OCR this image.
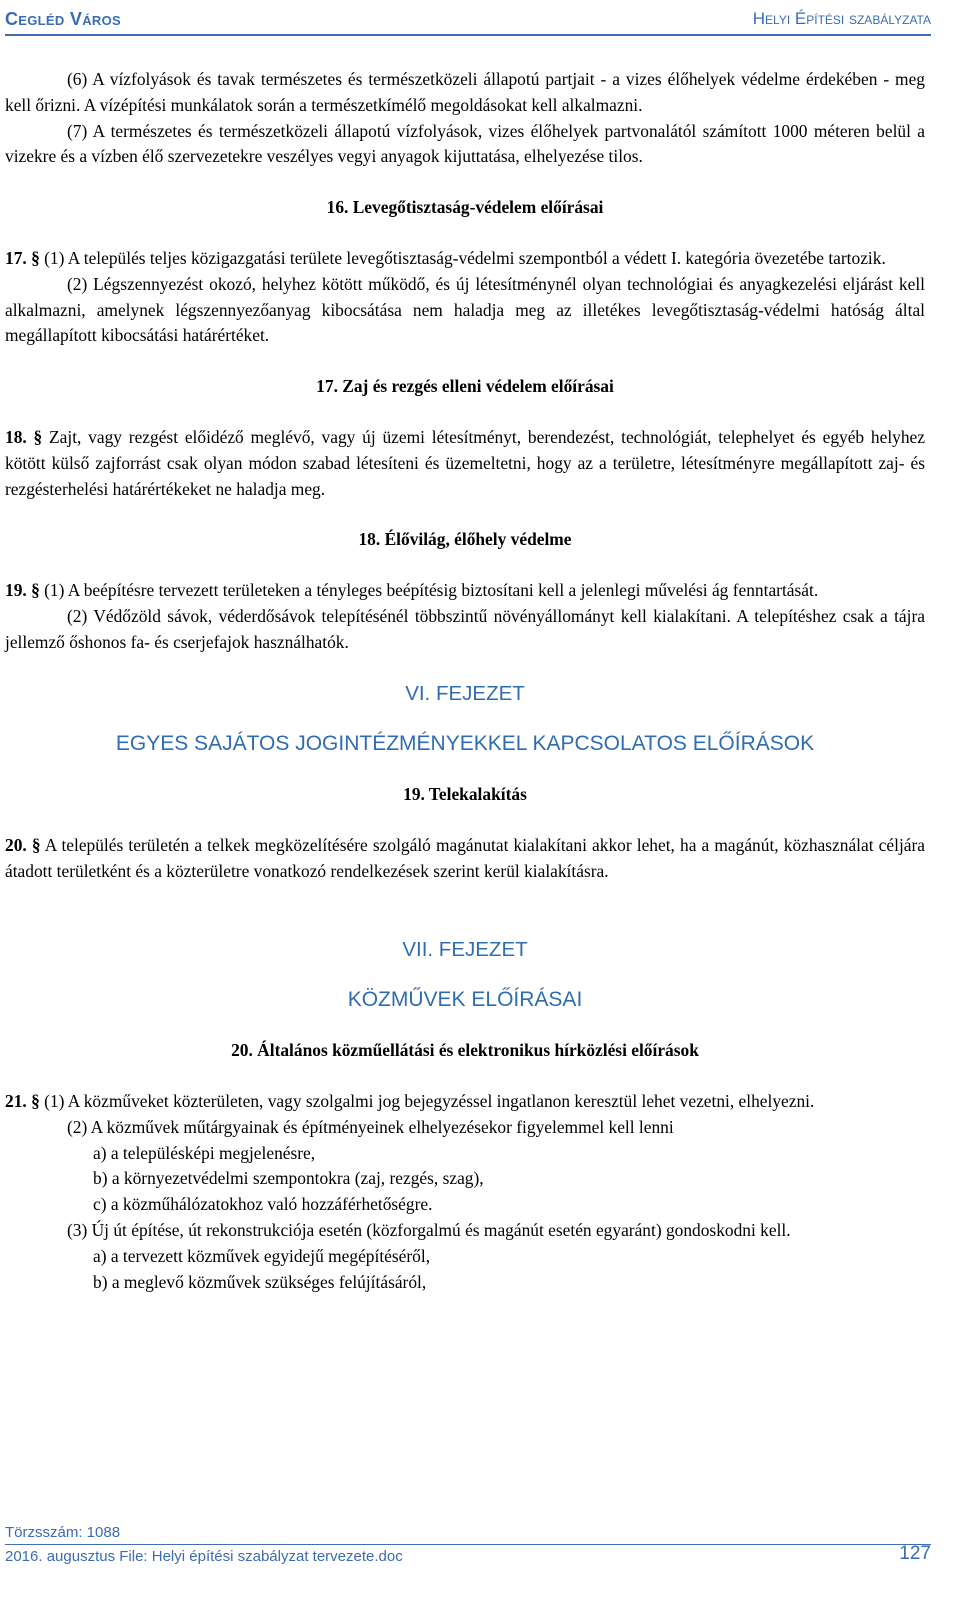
Cegléd Város	Helyi Építési szabályzata

(6) A vízfolyások és tavak természetes és természetközeli állapotú partjait - a vizes élőhelyek védelme érdekében - meg kell őrizni. A vízépítési munkálatok során a természetkímélő megoldásokat kell alkalmazni.

(7) A természetes és természetközeli állapotú vízfolyások, vizes élőhelyek partvonalától számított 1000 méteren belül a vizekre és a vízben élő szervezetekre veszélyes vegyi anyagok kijuttatása, elhelyezése tilos.

16. Levegőtisztaság-védelem előírásai

17. § (1) A település teljes közigazgatási területe levegőtisztaság-védelmi szempontból a védett I. kategória övezetébe tartozik.

(2) Légszennyezést okozó, helyhez kötött működő, és új létesítménynél olyan technológiai és anyagkezelési eljárást kell alkalmazni, amelynek légszennyezőanyag kibocsátása nem haladja meg az illetékes levegőtisztaság-védelmi hatóság által megállapított kibocsátási határértéket.

17. Zaj és rezgés elleni védelem előírásai

18. § Zajt, vagy rezgést előidéző meglévő, vagy új üzemi létesítményt, berendezést, technológiát, telephelyet és egyéb helyhez kötött külső zajforrást csak olyan módon szabad létesíteni és üzemeltetni, hogy az a területre, létesítményre megállapított zaj- és rezgésterhelési határértékeket ne haladja meg.

18. Élővilág, élőhely védelme

19. § (1) A beépítésre tervezett területeken a tényleges beépítésig biztosítani kell a jelenlegi művelési ág fenntartását.

(2) Védőzöld sávok, véderdősávok telepítésénél többszintű növényállományt kell kialakítani. A telepítéshez csak a tájra jellemző őshonos fa- és cserjefajok használhatók.

VI. FEJEZET

EGYES SAJÁTOS JOGINTÉZMÉNYEKKEL KAPCSOLATOS ELŐÍRÁSOK

19. Telekalakítás

20. § A település területén a telkek megközelítésére szolgáló magánutat kialakítani akkor lehet, ha a magánút, közhasználat céljára átadott területként és a közterületre vonatkozó rendelkezések szerint kerül kialakításra.

VII. FEJEZET

KÖZMŰVEK ELŐÍRÁSAI

20. Általános közműellátási és elektronikus hírközlési előírások

21. § (1) A közműveket közterületen, vagy szolgalmi jog bejegyzéssel ingatlanon keresztül lehet vezetni, elhelyezni.

(2) A közművek műtárgyainak és építményeinek elhelyezésekor figyelemmel kell lenni

a) a településképi megjelenésre,

b) a környezetvédelmi szempontokra (zaj, rezgés, szag),

c) a közműhálózatokhoz való hozzáférhetőségre.

(3) Új út építése, út rekonstrukciója esetén (közforgalmú és magánút esetén egyaránt) gondoskodni kell.

a) a tervezett közművek egyidejű megépítéséről,

b) a meglevő közművek szükséges felújításáról,

Törzsszám: 1088
2016. augusztus File: Helyi építési szabályzat tervezete.doc	127
